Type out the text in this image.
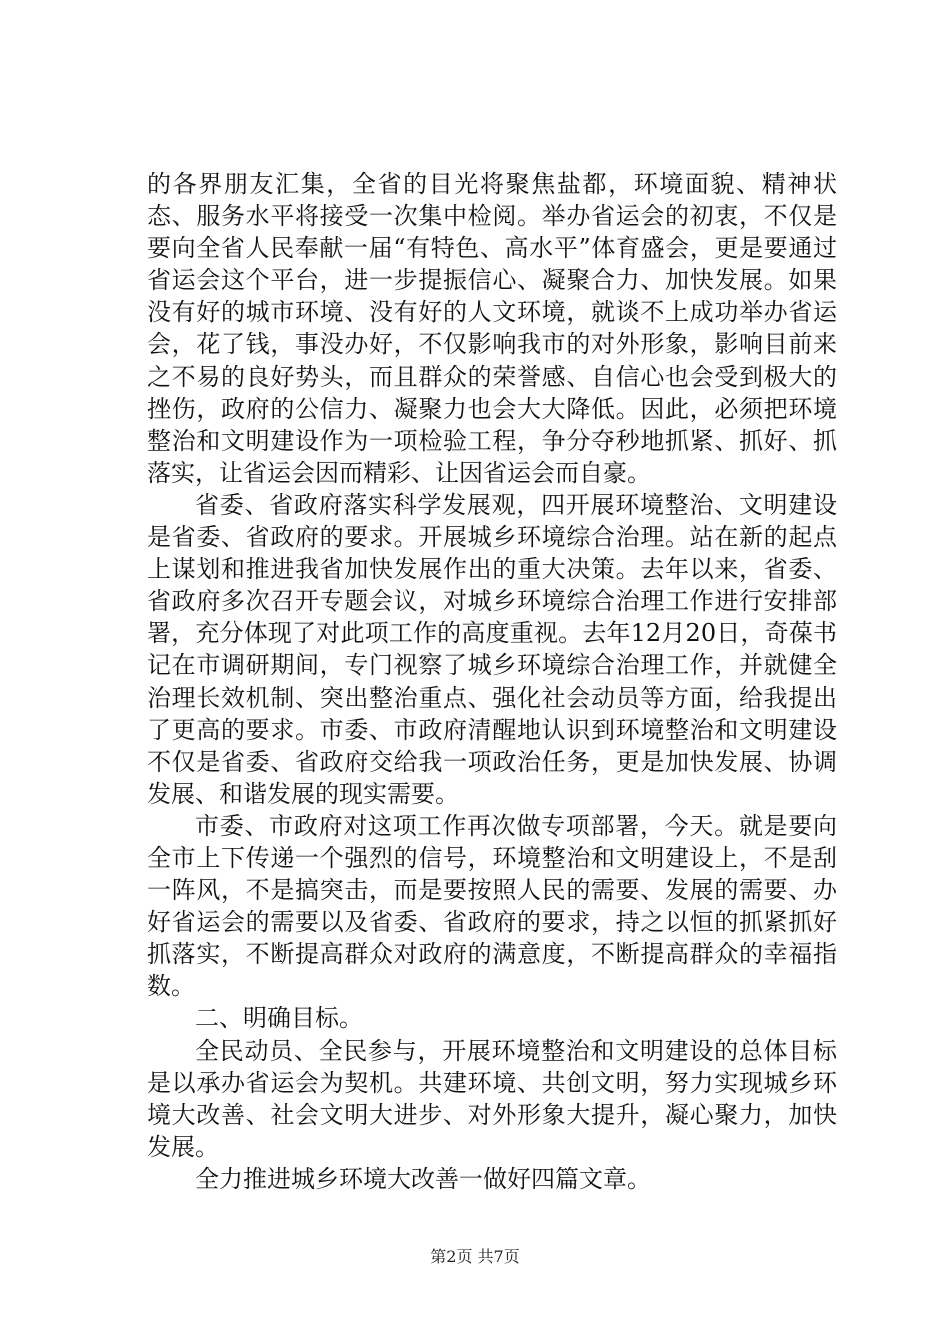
的各界朋友汇集，全省的目光将聚焦盐都，环境面貌、精神状态、服务水平将接受一次集中检阅。举办省运会的初衷，不仅是要向全省人民奉献一届“有特色、高水平”体育盛会，更是要通过省运会这个平台，进一步提振信心、凝聚合力、加快发展。如果没有好的城市环境、没有好的人文环境，就谈不上成功举办省运会，花了钱，事没办好，不仅影响我市的对外形象，影响目前来之不易的良好势头，而且群众的荣誉感、自信心也会受到极大的挫伤，政府的公信力、凝聚力也会大大降低。因此，必须把环境整治和文明建设作为一项检验工程，争分夺秒地抓紧、抓好、抓落实，让省运会因而精彩、让因省运会而自豪。

省委、省政府落实科学发展观，四开展环境整治、文明建设是省委、省政府的要求。开展城乡环境综合治理。站在新的起点上谋划和推进我省加快发展作出的重大决策。去年以来，省委、省政府多次召开专题会议，对城乡环境综合治理工作进行安排部署，充分体现了对此项工作的高度重视。去年12月20日，奇葆书记在市调研期间，专门视察了城乡环境综合治理工作，并就健全治理长效机制、突出整治重点、强化社会动员等方面，给我提出了更高的要求。市委、市政府清醒地认识到环境整治和文明建设不仅是省委、省政府交给我一项政治任务，更是加快发展、协调发展、和谐发展的现实需要。

市委、市政府对这项工作再次做专项部署，今天。就是要向全市上下传递一个强烈的信号，环境整治和文明建设上，不是刮一阵风，不是搞突击，而是要按照人民的需要、发展的需要、办好省运会的需要以及省委、省政府的要求，持之以恒的抓紧抓好抓落实，不断提高群众对政府的满意度，不断提高群众的幸福指数。

二、明确目标。

全民动员、全民参与，开展环境整治和文明建设的总体目标是以承办省运会为契机。共建环境、共创文明，努力实现城乡环境大改善、社会文明大进步、对外形象大提升，凝心聚力，加快发展。

全力推进城乡环境大改善一做好四篇文章。

第2页 共7页
